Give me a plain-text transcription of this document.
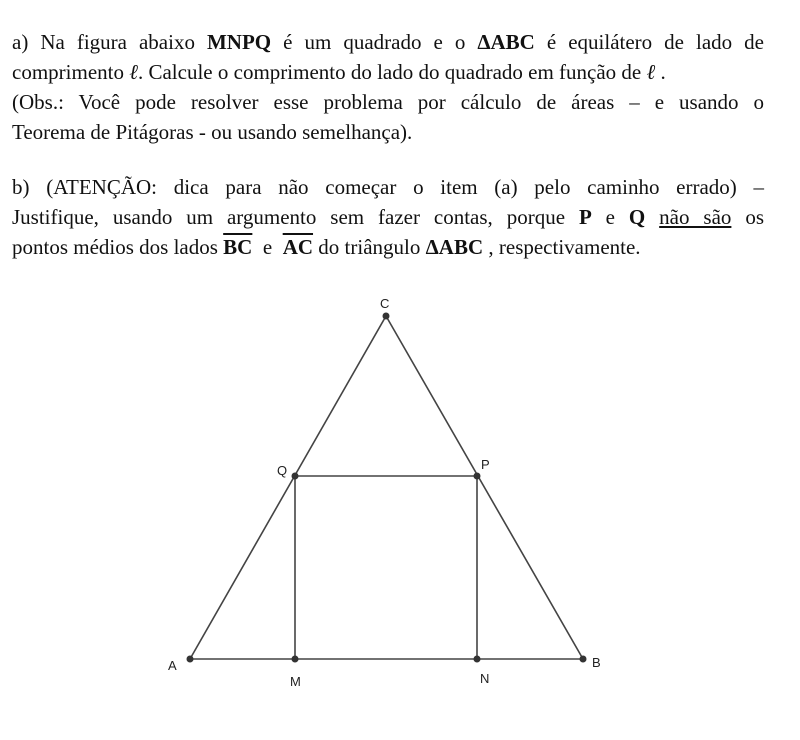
a) Na figura abaixo MNPQ é um quadrado e o ΔABC é equilátero de lado de
comprimento ℓ. Calcule o comprimento do lado do quadrado em função de ℓ .
(Obs.: Você pode resolver esse problema por cálculo de áreas – e usando o
Teorema de Pitágoras - ou usando semelhança).
b) (ATENÇÃO: dica para não começar o item (a) pelo caminho errado) –
Justifique, usando um argumento sem fazer contas, porque P e Q não são os
pontos médios dos lados $\overline{BC}$  e  $\overline{AC}$ do triângulo ΔABC , respectivamente.
C
A	B
M	N
P
Q
